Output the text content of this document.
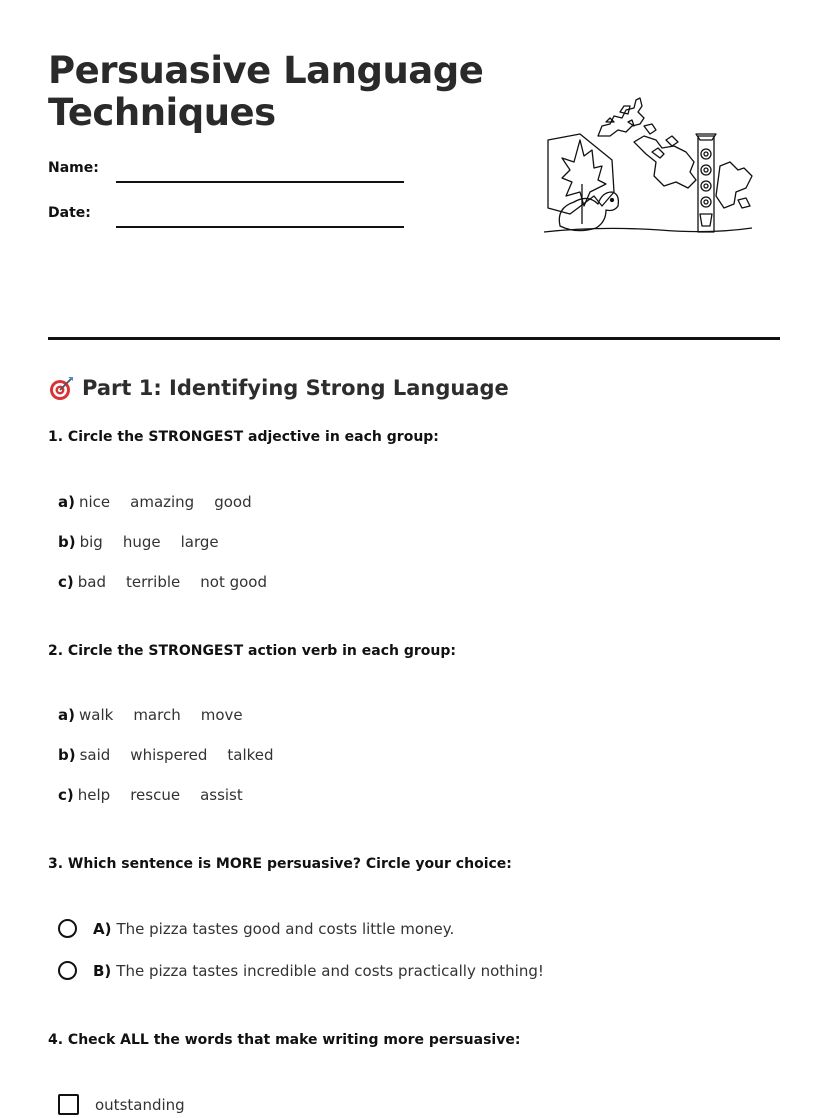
Persuasive Language
Techniques
Name:
Date:
Part 1: Identifying Strong Language

1. Circle the STRONGEST adjective in each group:

a) nice amazing good
b) big huge large
c) bad terrible not good

2. Circle the STRONGEST action verb in each group:

a) walk march move
b) said whispered talked
c) help rescue assist

3. Which sentence is MORE persuasive? Circle your choice:

A) The pizza tastes good and costs little money.
B) The pizza tastes incredible and costs practically nothing!

4. Check ALL the words that make writing more persuasive:

outstanding
